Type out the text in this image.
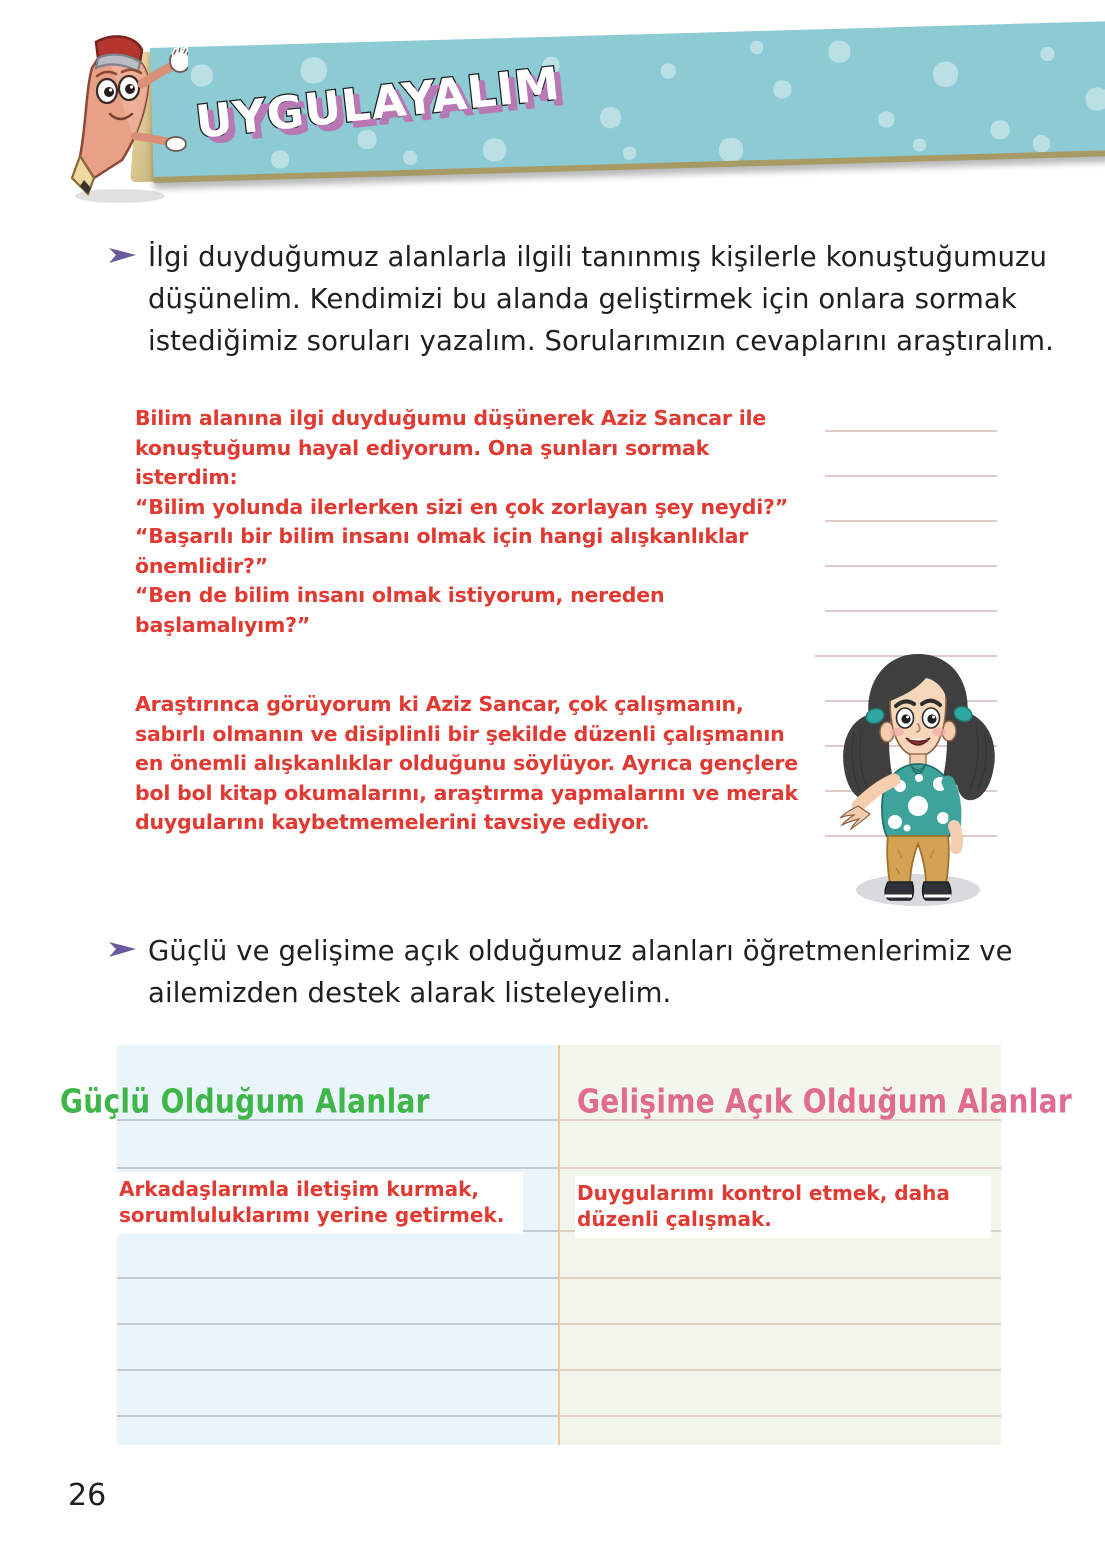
UYGULAYALIM
İlgi duyduğumuz alanlarla ilgili tanınmış kişilerle konuştuğumuzu düşünelim. Kendimizi bu alanda geliştirmek için onlara sormak istediğimiz soruları yazalım. Sorularımızın cevaplarını araştıralım.

Bilim alanına ilgi duyduğumu düşünerek Aziz Sancar ile

konuştuğumu hayal ediyorum. Ona şunları sormak

isterdim:

“Bilim yolunda ilerlerken sizi en çok zorlayan şey neydi?”

“Başarılı bir bilim insanı olmak için hangi alışkanlıklar

önemlidir?”

“Ben de bilim insanı olmak istiyorum, nereden

başlamalıyım?”

Araştırınca görüyorum ki Aziz Sancar, çok çalışmanın,

sabırlı olmanın ve disiplinli bir şekilde düzenli çalışmanın

en önemli alışkanlıklar olduğunu söylüyor. Ayrıca gençlere

bol bol kitap okumalarını, araştırma yapmalarını ve merak

duygularını kaybetmemelerini tavsiye ediyor.

Güçlü ve gelişime açık olduğumuz alanları öğretmenlerimiz ve ailemizden destek alarak listeleyelim.
Güçlü Olduğum Alanlar	Gelişime Açık Olduğum Alanlar
Arkadaşlarımla iletişim kurmak, sorumluluklarımı yerine getirmek.
Duygularımı kontrol etmek, daha düzenli çalışmak.
26
